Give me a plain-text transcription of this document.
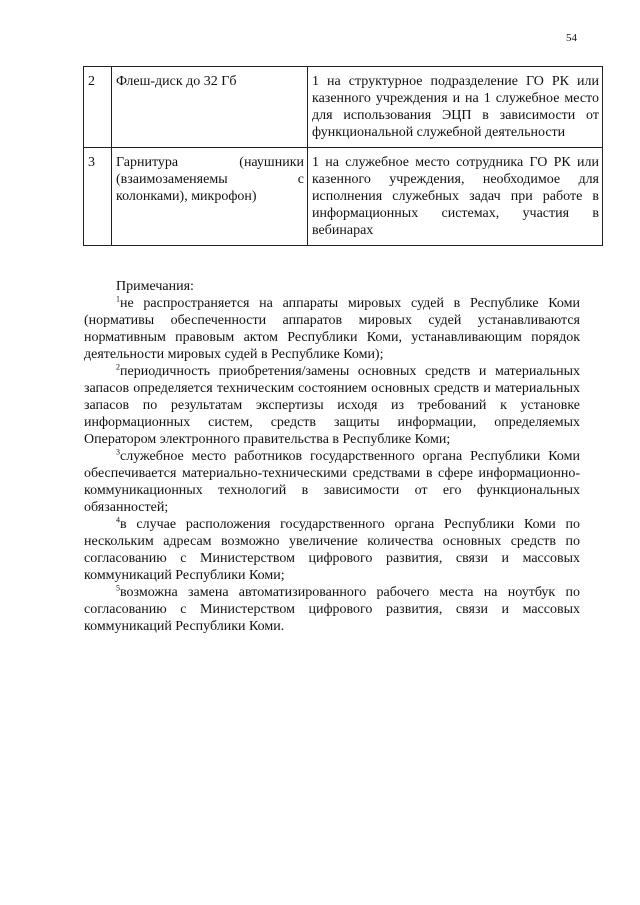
54
2	Флеш-диск до 32 Гб	1 на структурное подразделение ГО РК или казенного учреждения и на 1 служебное место для использования ЭЦП в зависимости от функциональной служебной деятельности
3	Гарнитура (наушники (взаимозаменяемы с колонками), микрофон)	1 на служебное место сотрудника ГО РК или казенного учреждения, необходимое для исполнения служебных задач при работе в информационных системах, участия в вебинарах

Примечания:

$^1$не распространяется на аппараты мировых судей в Республике Коми (нормативы обеспеченности аппаратов мировых судей устанавливаются нормативным правовым актом Республики Коми, устанавливающим порядок деятельности мировых судей в Республике Коми);

$^2$периодичность приобретения/замены основных средств и материальных запасов определяется техническим состоянием основных средств и материальных запасов по результатам экспертизы исходя из требований к установке информационных систем, средств защиты информации, определяемых Оператором электронного правительства в Республике Коми;

$^3$служебное место работников государственного органа Республики Коми обеспечивается материально-техническими средствами в сфере информационно-коммуникационных технологий в зависимости от его функциональных обязанностей;

$^4$в случае расположения государственного органа Республики Коми по нескольким адресам возможно увеличение количества основных средств по согласованию с Министерством цифрового развития, связи и массовых коммуникаций Республики Коми;

$^5$возможна замена автоматизированного рабочего места на ноутбук по согласованию с Министерством цифрового развития, связи и массовых коммуникаций Республики Коми.
